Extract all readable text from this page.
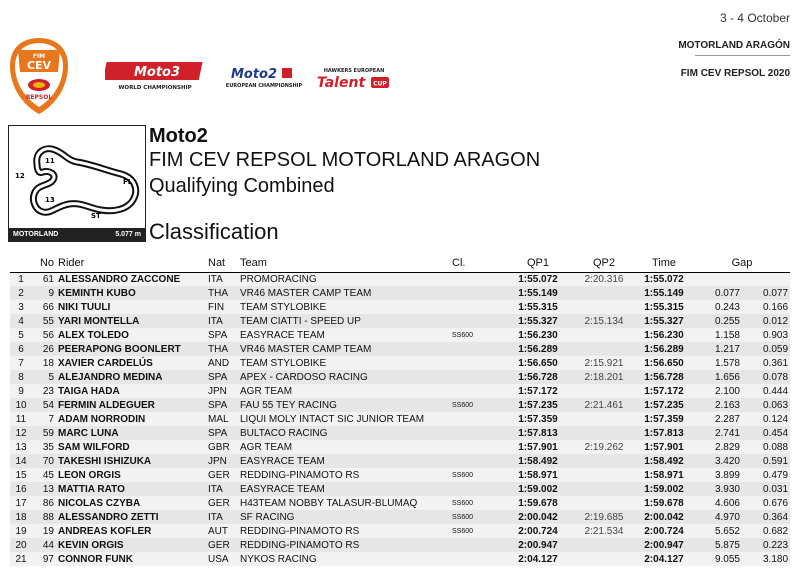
3 - 4 October
MOTORLAND ARAGÓN
FIM CEV REPSOL 2020
FIM
CEV
REPSOL
Moto3
WORLD CHAMPIONSHIP
Moto2
EUROPEAN CHAMPIONSHIP
HAWKERS EUROPEAN
Talent CUP
11
12
13
FL
ST
MOTORLAND	5.077 m
Moto2
FIM CEV REPSOL MOTORLAND ARAGON
Qualifying Combined
Classification
	No	Rider	Nat	Team	Cl.	QP1	QP2	Time	Gap	
1	61	ALESSANDRO ZACCONE	ITA	PROMORACING		1:55.072	2:20.316	1:55.072		
2	9	KEMINTH KUBO	THA	VR46 MASTER CAMP TEAM		1:55.149		1:55.149	0.077	0.077
3	66	NIKI TUULI	FIN	TEAM STYLOBIKE		1:55.315		1:55.315	0.243	0.166
4	55	YARI MONTELLA	ITA	TEAM CIATTI - SPEED UP		1:55.327	2:15.134	1:55.327	0.255	0.012
5	56	ALEX TOLEDO	SPA	EASYRACE TEAM	SS600	1:56.230		1:56.230	1.158	0.903
6	26	PEERAPONG BOONLERT	THA	VR46 MASTER CAMP TEAM		1:56.289		1:56.289	1.217	0.059
7	18	XAVIER CARDELÚS	AND	TEAM STYLOBIKE		1:56.650	2:15.921	1:56.650	1.578	0.361
8	5	ALEJANDRO MEDINA	SPA	APEX - CARDOSO RACING		1:56.728	2:18.201	1:56.728	1.656	0.078
9	23	TAIGA HADA	JPN	AGR TEAM		1:57.172		1:57.172	2.100	0.444
10	54	FERMIN ALDEGUER	SPA	FAU 55 TEY RACING	SS600	1:57.235	2:21.461	1:57.235	2.163	0.063
11	7	ADAM NORRODIN	MAL	LIQUI MOLY INTACT SIC JUNIOR TEAM		1:57.359		1:57.359	2.287	0.124
12	59	MARC LUNA	SPA	BULTACO RACING		1:57.813		1:57.813	2.741	0.454
13	35	SAM WILFORD	GBR	AGR TEAM		1:57.901	2:19.262	1:57.901	2.829	0.088
14	70	TAKESHI ISHIZUKA	JPN	EASYRACE TEAM		1:58.492		1:58.492	3.420	0.591
15	45	LEON ORGIS	GER	REDDING-PINAMOTO RS	SS600	1:58.971		1:58.971	3.899	0.479
16	13	MATTIA RATO	ITA	EASYRACE TEAM		1:59.002		1:59.002	3.930	0.031
17	86	NICOLAS CZYBA	GER	H43TEAM NOBBY TALASUR-BLUMAQ	SS600	1:59.678		1:59.678	4.606	0.676
18	88	ALESSANDRO ZETTI	ITA	SF RACING	SS600	2:00.042	2:19.685	2:00.042	4.970	0.364
19	19	ANDREAS KOFLER	AUT	REDDING-PINAMOTO RS	SS600	2:00.724	2:21.534	2:00.724	5.652	0.682
20	44	KEVIN ORGIS	GER	REDDING-PINAMOTO RS		2:00.947		2:00.947	5.875	0.223
21	97	CONNOR FUNK	USA	NYKOS RACING		2:04.127		2:04.127	9.055	3.180
